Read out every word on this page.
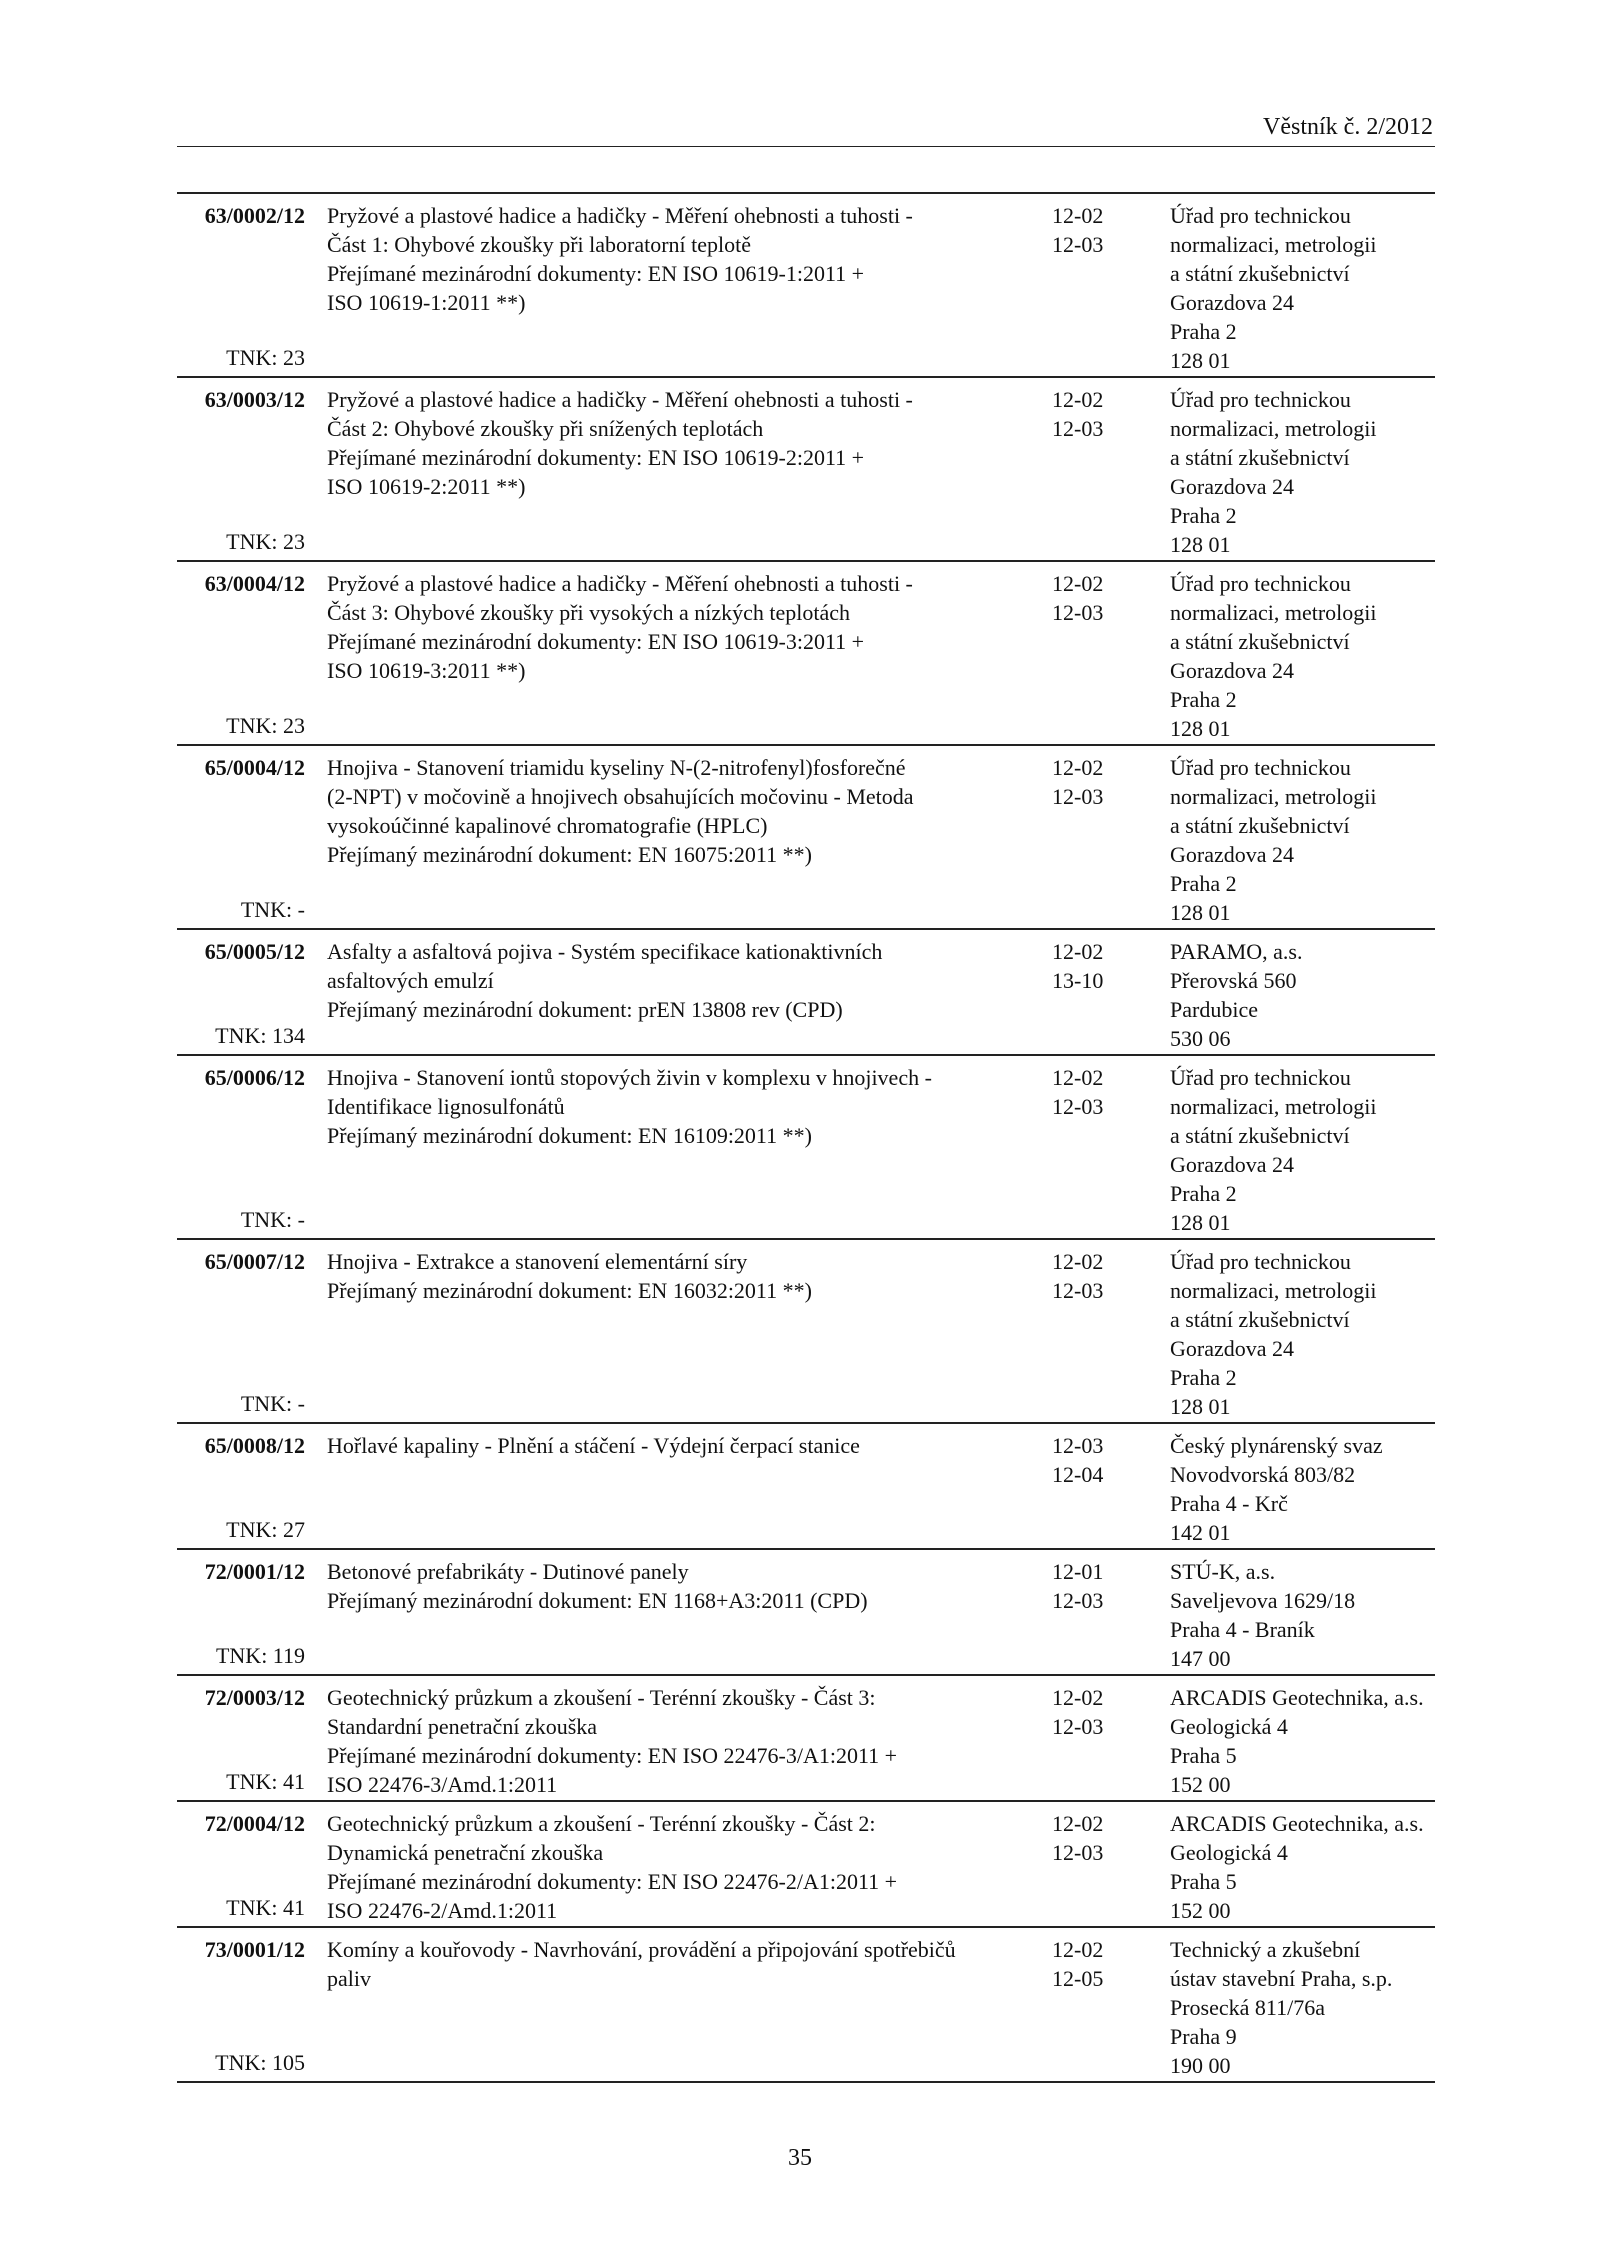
Věstník č. 2/2012
63/0002/12
TNK: 23
Pryžové a plastové hadice a hadičky - Měření ohebnosti a tuhosti -
Část 1: Ohybové zkoušky při laboratorní teplotě
Přejímané mezinárodní dokumenty: EN ISO 10619-1:2011 +
ISO 10619-1:2011 **)
12-02
12-03
Úřad pro technickou
normalizaci, metrologii
a státní zkušebnictví
Gorazdova 24
Praha 2
128 01
63/0003/12
TNK: 23
Pryžové a plastové hadice a hadičky - Měření ohebnosti a tuhosti -
Část 2: Ohybové zkoušky při snížených teplotách
Přejímané mezinárodní dokumenty: EN ISO 10619-2:2011 +
ISO 10619-2:2011 **)
12-02
12-03
Úřad pro technickou
normalizaci, metrologii
a státní zkušebnictví
Gorazdova 24
Praha 2
128 01
63/0004/12
TNK: 23
Pryžové a plastové hadice a hadičky - Měření ohebnosti a tuhosti -
Část 3: Ohybové zkoušky při vysokých a nízkých teplotách
Přejímané mezinárodní dokumenty: EN ISO 10619-3:2011 +
ISO 10619-3:2011 **)
12-02
12-03
Úřad pro technickou
normalizaci, metrologii
a státní zkušebnictví
Gorazdova 24
Praha 2
128 01
65/0004/12
TNK: -
Hnojiva - Stanovení triamidu kyseliny N-(2-nitrofenyl)fosforečné
(2-NPT) v močovině a hnojivech obsahujících močovinu - Metoda
vysokoúčinné kapalinové chromatografie (HPLC)
Přejímaný mezinárodní dokument: EN 16075:2011 **)
12-02
12-03
Úřad pro technickou
normalizaci, metrologii
a státní zkušebnictví
Gorazdova 24
Praha 2
128 01
65/0005/12
TNK: 134
Asfalty a asfaltová pojiva - Systém specifikace kationaktivních
asfaltových emulzí
Přejímaný mezinárodní dokument: prEN 13808 rev (CPD)
12-02
13-10
PARAMO, a.s.
Přerovská 560
Pardubice
530 06
65/0006/12
TNK: -
Hnojiva - Stanovení iontů stopových živin v komplexu v hnojivech -
Identifikace lignosulfonátů
Přejímaný mezinárodní dokument: EN 16109:2011 **)
12-02
12-03
Úřad pro technickou
normalizaci, metrologii
a státní zkušebnictví
Gorazdova 24
Praha 2
128 01
65/0007/12
TNK: -
Hnojiva - Extrakce a stanovení elementární síry
Přejímaný mezinárodní dokument: EN 16032:2011 **)
12-02
12-03
Úřad pro technickou
normalizaci, metrologii
a státní zkušebnictví
Gorazdova 24
Praha 2
128 01
65/0008/12
TNK: 27
Hořlavé kapaliny - Plnění a stáčení - Výdejní čerpací stanice	12-03
12-04
Český plynárenský svaz
Novodvorská 803/82
Praha 4 - Krč
142 01
72/0001/12
TNK: 119
Betonové prefabrikáty - Dutinové panely
Přejímaný mezinárodní dokument: EN 1168+A3:2011 (CPD)
12-01
12-03
STÚ-K, a.s.
Saveljevova 1629/18
Praha 4 - Braník
147 00
72/0003/12
TNK: 41
Geotechnický průzkum a zkoušení - Terénní zkoušky - Část 3:
Standardní penetrační zkouška
Přejímané mezinárodní dokumenty: EN ISO 22476-3/A1:2011 +
ISO 22476-3/Amd.1:2011
12-02
12-03
ARCADIS Geotechnika, a.s.
Geologická 4
Praha 5
152 00
72/0004/12
TNK: 41
Geotechnický průzkum a zkoušení - Terénní zkoušky - Část 2:
Dynamická penetrační zkouška
Přejímané mezinárodní dokumenty: EN ISO 22476-2/A1:2011 +
ISO 22476-2/Amd.1:2011
12-02
12-03
ARCADIS Geotechnika, a.s.
Geologická 4
Praha 5
152 00
73/0001/12
TNK: 105
Komíny a kouřovody - Navrhování, provádění a připojování spotřebičů
paliv
12-02
12-05
Technický a zkušební
ústav stavební Praha, s.p.
Prosecká 811/76a
Praha 9
190 00
35
